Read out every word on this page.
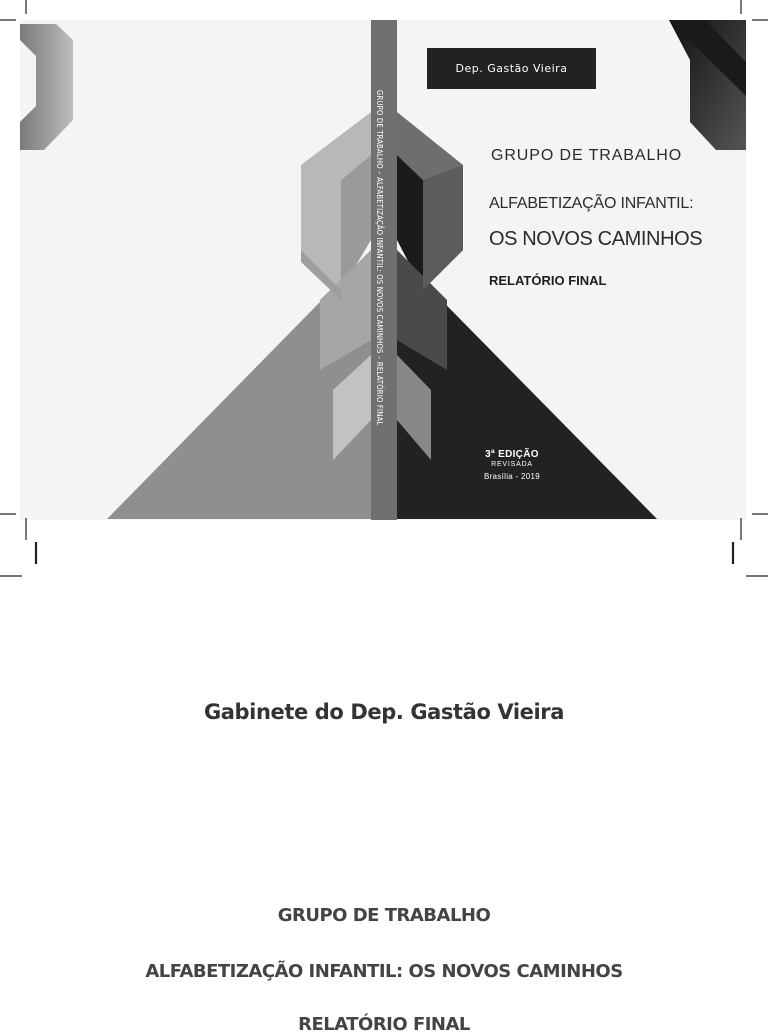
GRUPO DE TRABALHO – ALFABETIZAÇÃO INFANTIL: OS NOVOS CAMINHOS – RELATÓRIO FINAL
Dep. Gastão Vieira
GRUPO DE TRABALHO
ALFABETIZAÇÃO INFANTIL:
OS NOVOS CAMINHOS
RELATÓRIO FINAL
3ª EDIÇÃO
REVISADA
Brasília - 2019
Gabinete do Dep. Gastão Vieira
GRUPO DE TRABALHO
ALFABETIZAÇÃO INFANTIL: OS NOVOS CAMINHOS
RELATÓRIO FINAL
